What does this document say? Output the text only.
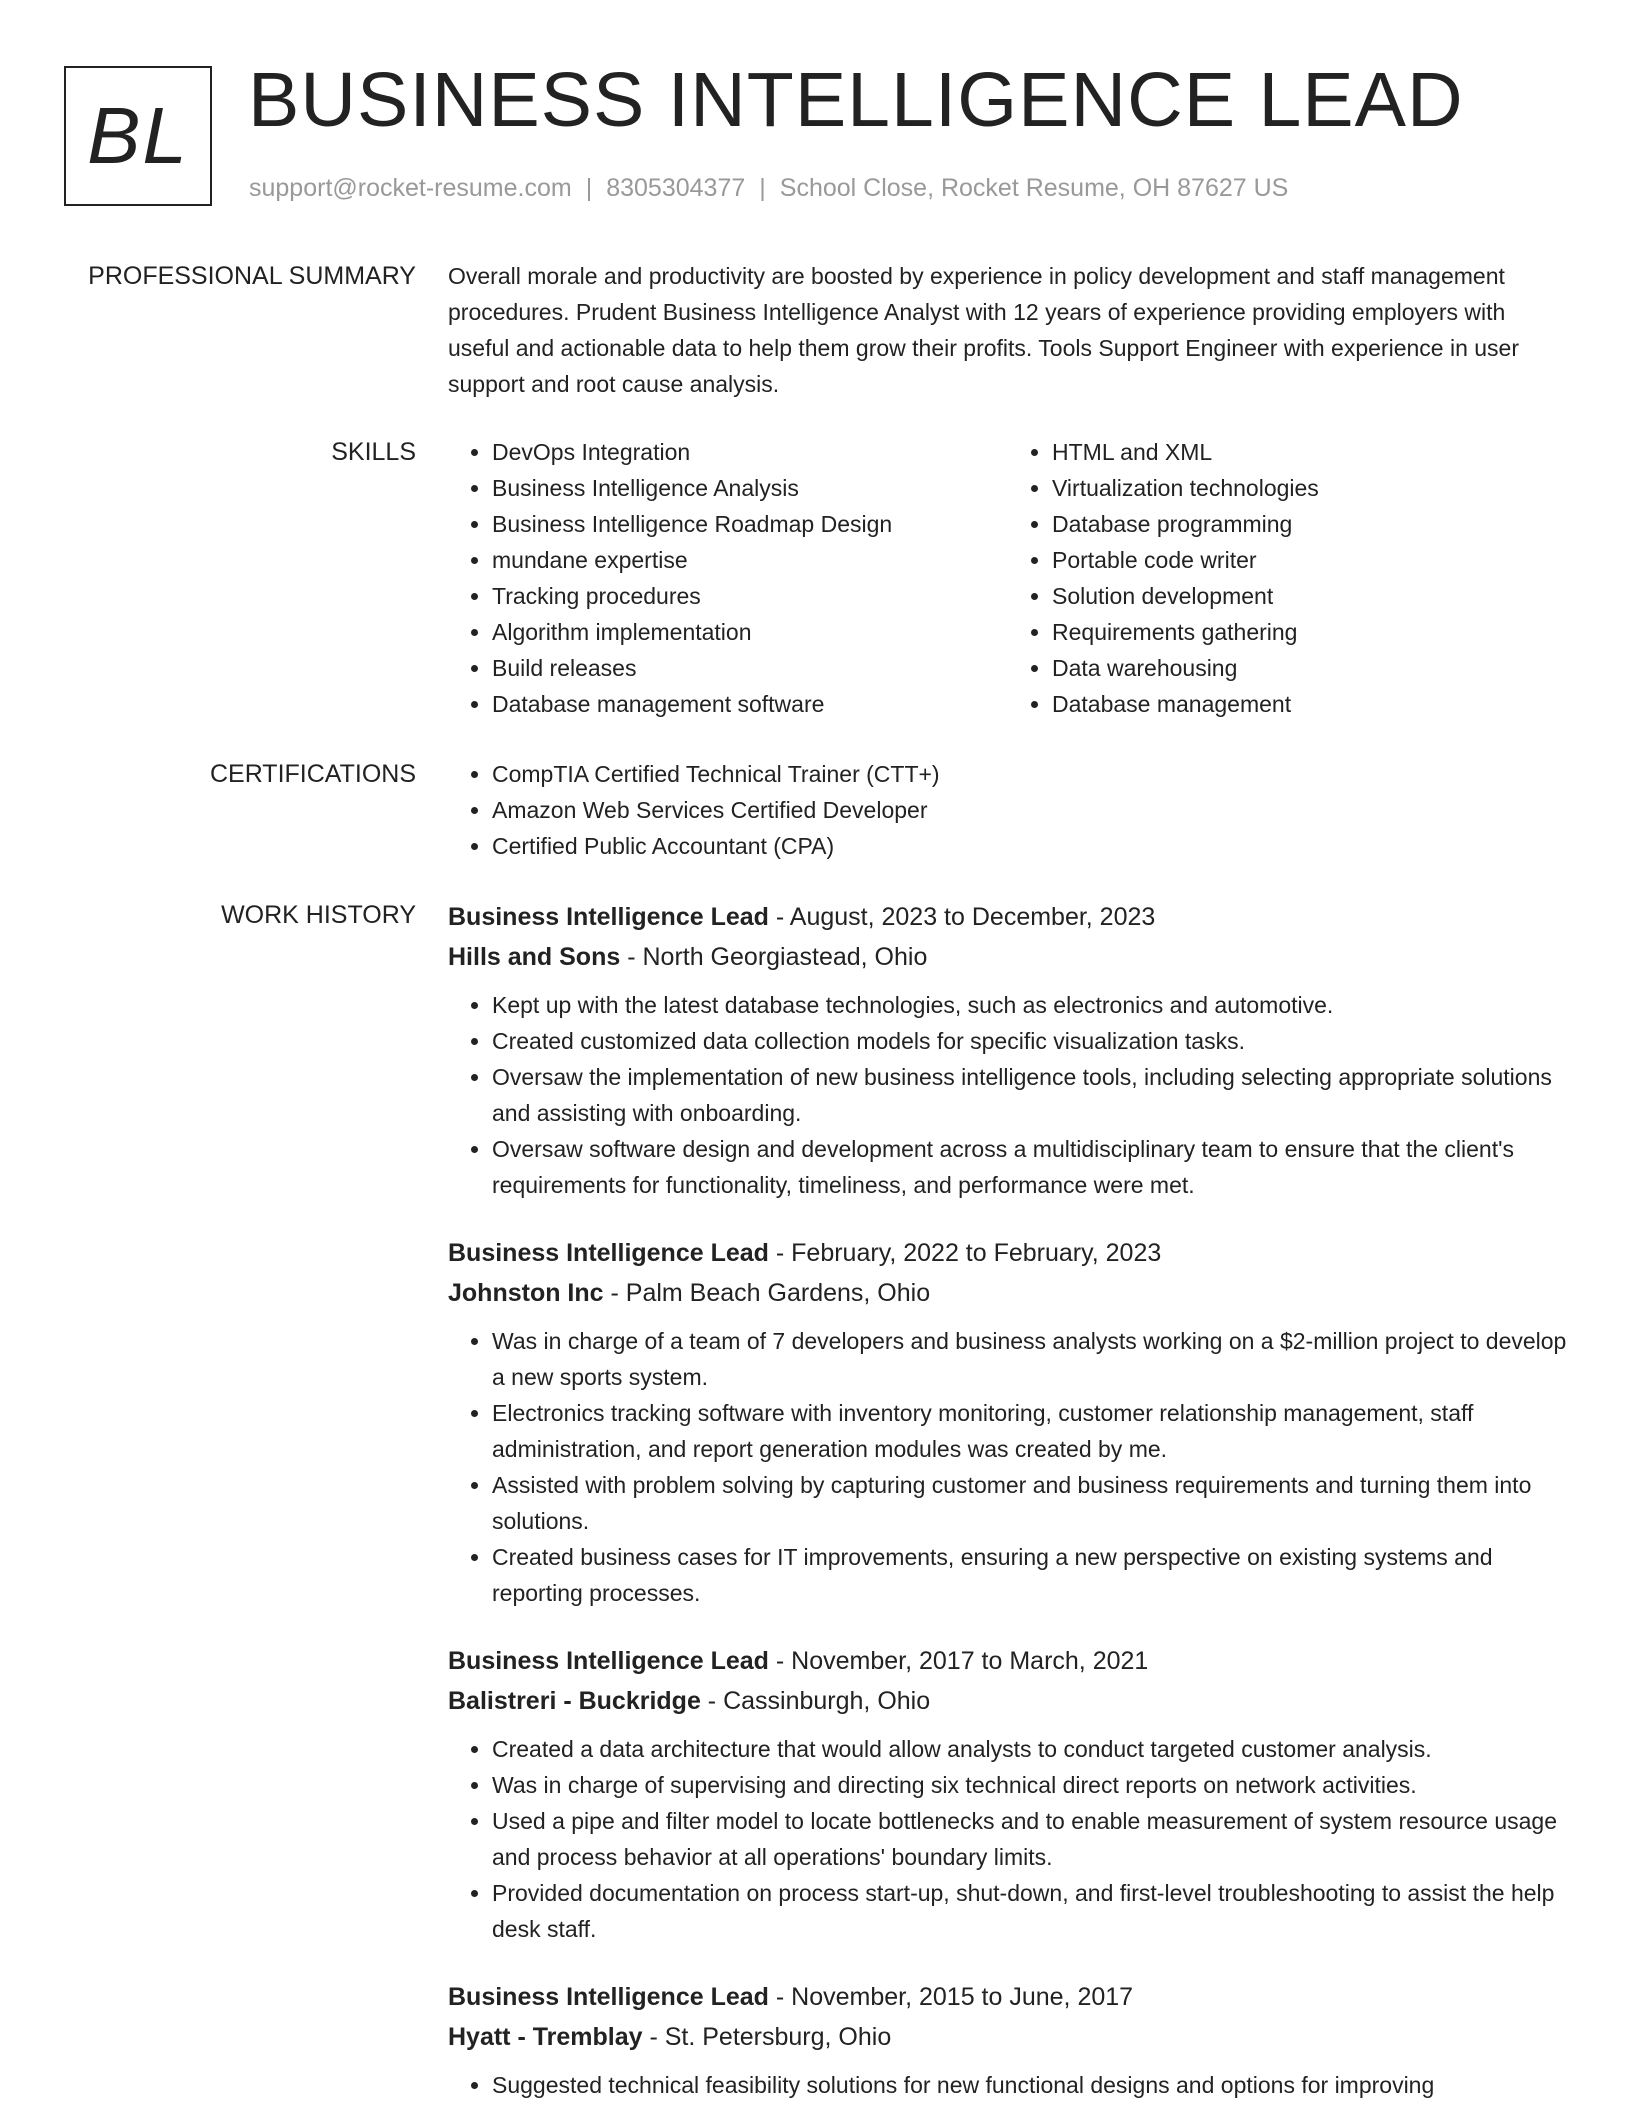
BL BUSINESS INTELLIGENCE LEAD
support@rocket-resume.com | 8305304377 | School Close, Rocket Resume, OH 87627 US
PROFESSIONAL SUMMARY Overall morale and productivity are boosted by experience in policy development and staff management procedures. Prudent Business Intelligence Analyst with 12 years of experience providing employers with useful and actionable data to help them grow their profits. Tools Support Engineer with experience in user support and root cause analysis.

SKILLS	• DevOps Integration
• Business Intelligence Analysis
• Business Intelligence Roadmap Design
• mundane expertise
• Tracking procedures
• Algorithm implementation
• Build releases
• Database management software
• HTML and XML
• Virtualization technologies
• Database programming
• Portable code writer
• Solution development
• Requirements gathering
• Data warehousing
• Database management
CERTIFICATIONS	• CompTIA Certified Technical Trainer (CTT+)
• Amazon Web Services Certified Developer
• Certified Public Accountant (CPA)
WORK HISTORY Business Intelligence Lead - August, 2023 to December, 2023
Hills and Sons - North Georgiastead, Ohio
• Kept up with the latest database technologies, such as electronics and automotive.
• Created customized data collection models for specific visualization tasks.
• Oversaw the implementation of new business intelligence tools, including selecting appropriate solutions and assisting with onboarding.
• Oversaw software design and development across a multidisciplinary team to ensure that the client's requirements for functionality, timeliness, and performance were met.
Business Intelligence Lead - February, 2022 to February, 2023
Johnston Inc - Palm Beach Gardens, Ohio
• Was in charge of a team of 7 developers and business analysts working on a $2-million project to develop a new sports system.
• Electronics tracking software with inventory monitoring, customer relationship management, staff administration, and report generation modules was created by me.
• Assisted with problem solving by capturing customer and business requirements and turning them into solutions.
• Created business cases for IT improvements, ensuring a new perspective on existing systems and reporting processes.
Business Intelligence Lead - November, 2017 to March, 2021
Balistreri - Buckridge - Cassinburgh, Ohio
• Created a data architecture that would allow analysts to conduct targeted customer analysis.
• Was in charge of supervising and directing six technical direct reports on network activities.
• Used a pipe and filter model to locate bottlenecks and to enable measurement of system resource usage and process behavior at all operations' boundary limits.
• Provided documentation on process start-up, shut-down, and first-level troubleshooting to assist the help desk staff.
Business Intelligence Lead - November, 2015 to June, 2017
Hyatt - Tremblay - St. Petersburg, Ohio
• Suggested technical feasibility solutions for new functional designs and options for improving
